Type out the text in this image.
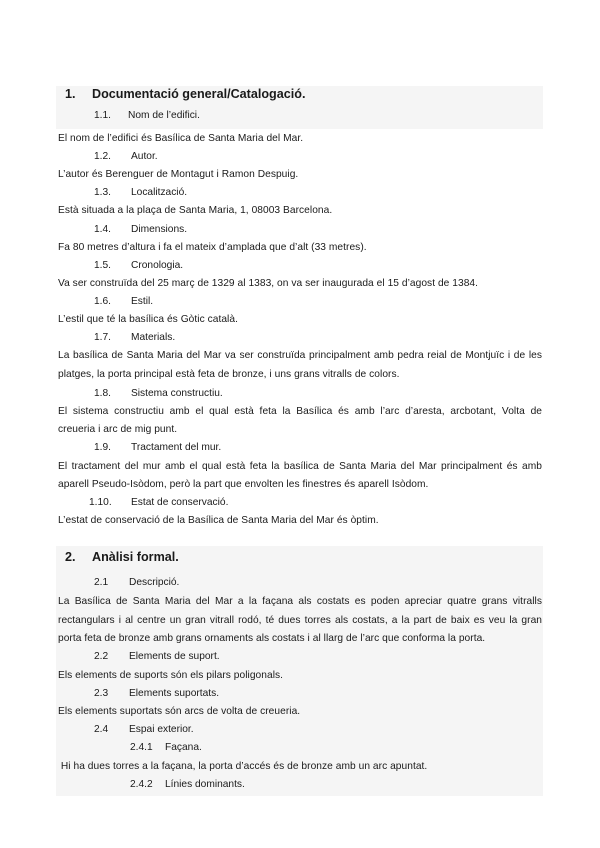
1. Documentació general/Catalogació.
1.1. Nom de l’edifici.
El nom de l’edifici és Basílica de Santa Maria del Mar.
1.2. Autor.
L’autor és Berenguer de Montagut i Ramon Despuig.
1.3. Localització.
Està situada a la plaça de Santa Maria, 1, 08003 Barcelona.
1.4. Dimensions.
Fa 80 metres d’altura i fa el mateix d’amplada que d’alt (33 metres).
1.5. Cronologia.
Va ser construïda del 25 març de 1329 al 1383, on va ser inaugurada el 15 d’agost de 1384.
1.6. Estil.
L’estil que té la basílica és Gòtic català.
1.7. Materials.
La basílica de Santa Maria del Mar va ser construïda principalment amb pedra reial de Montjuïc i de les
platges, la porta principal està feta de bronze, i uns grans vitralls de colors.
1.8. Sistema constructiu.
El sistema constructiu amb el qual està feta la Basílica és amb l’arc d’aresta, arcbotant, Volta de
creueria i arc de mig punt.
1.9. Tractament del mur.
El tractament del mur amb el qual està feta la basílica de Santa Maria del Mar principalment és amb
aparell Pseudo-Isòdom, però la part que envolten les finestres és aparell Isòdom.
1.10. Estat de conservació.
L’estat de conservació de la Basílica de Santa Maria del Mar és òptim.
2. Anàlisi formal.
2.1 Descripció.
La Basílica de Santa Maria del Mar a la façana als costats es poden apreciar quatre grans vitralls
rectangulars i al centre un gran vitrall rodó, té dues torres als costats, a la part de baix es veu la gran
porta feta de bronze amb grans ornaments als costats i al llarg de l’arc que conforma la porta.
2.2 Elements de suport.
Els elements de suports són els pilars poligonals.
2.3 Elements suportats.
Els elements suportats són arcs de volta de creueria.
2.4 Espai exterior.
2.4.1 Façana.
Hi ha dues torres a la façana, la porta d’accés és de bronze amb un arc apuntat.
2.4.2 Línies dominants.
